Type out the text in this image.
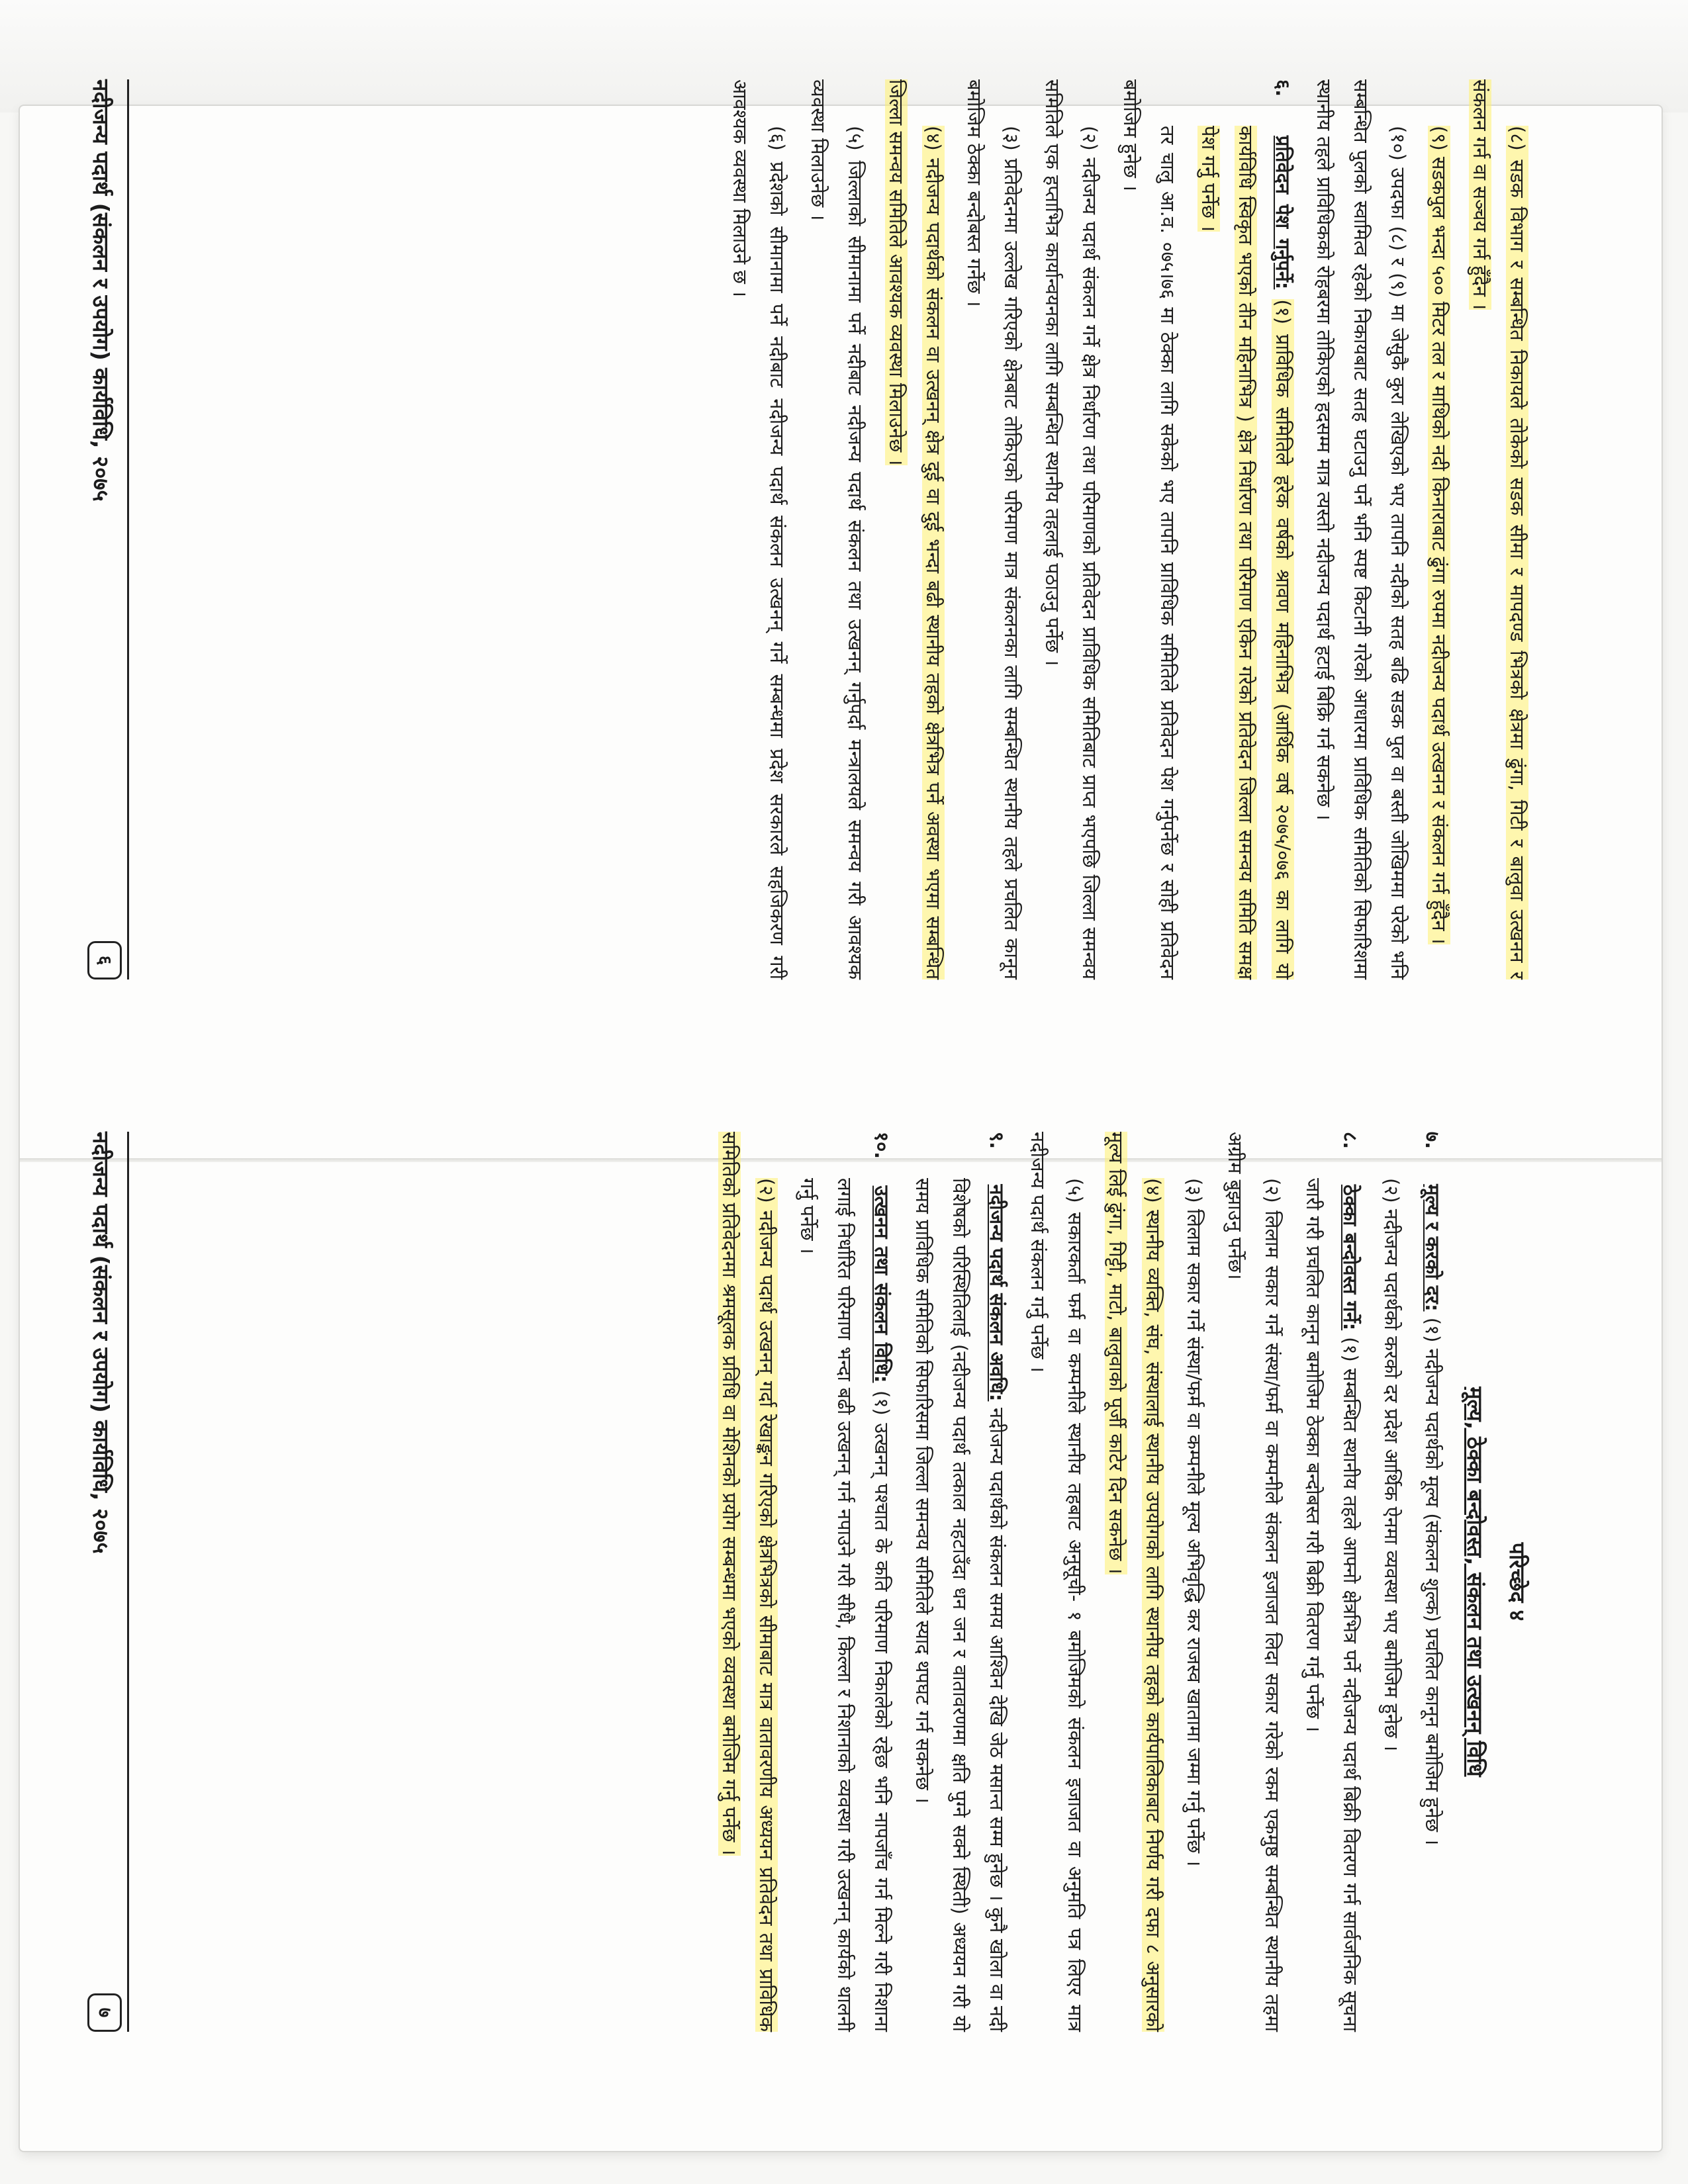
(८) सडक विभाग र सम्बन्धित निकायले तोकेको सडक सीमा र मापदण्ड भित्रको क्षेत्रमा ढुंगा, गिटी र बालुवा उत्खनन र संकलन गर्न वा सञ्चय गर्न हुँदैन ।

(९) सडकपुल भन्दा ५०० मिटर तल र माथिको नदी किनाराबाट ढुंगा रुपमा नदीजन्य पदार्थ उत्खनन र संकलन गर्न हुँदैन ।

(१०) उपदफा (८) र (९) मा जेसुकै कुरा लेखिएको भए तापनि नदीको सतह बढि सडक पुल वा बस्ती जोखिममा परेको भनि सम्बन्धित पुलको स्वामित्व रहेको निकायबाट सतह घटाउनु पर्ने भनि स्पष्ट किटानी गरेको आधारमा प्राविधिक समितिको सिफारिशमा स्थानीय तहले प्राविधिकको रोहबरमा तोकिएको हदसम्म मात्र त्यस्तो नदीजन्य पदार्थ हटाई बिक्रि गर्न सकनेछ ।

६. प्रतिवेदन पेश गर्नुपर्ने: (१) प्राविधिक समितिले हरेक वर्षको श्रावण महिनाभित्र (आर्थिक वर्ष २०७५/०७६ का लागि यो कार्यविधि स्विकृत भएको तीन महिनाभित्र ) क्षेत्र निर्धारण तथा परिमाण एकिन गरेको प्रतिवेदन जिल्ला समन्वय समिति समक्ष पेश गर्नु पर्नेछ ।

तर चालु आ.व. ०७५।७६ मा ठेक्का लागि सकेको भए तापनि प्राविधिक समितिले प्रतिवेदन पेश गर्नुपर्नेछ र सोही प्रतिवेदन बमोजिम हुनेछ ।

(२) नदीजन्य पदार्थ संकलन गर्ने क्षेत्र निर्धारण तथा परिमाणको प्रतिवेदन प्राविधिक समितिबाट प्राप्त भएपछि जिल्ला समन्वय समितिले एक हप्ताभित्र कार्यान्वयनका लागि सम्बन्धित स्थानीय तहलाई पठाउनु पर्नेछ ।

(३) प्रतिवेदनमा उल्लेख गरिएको क्षेत्रबाट तोकिएको परिमाण मात्र संकलनका लागि सम्बन्धित स्थानीय तहले प्रचलित कानून बमोजिम ठेक्का बन्दोबस्त गर्नेछ ।

(४) नदीजन्य पदार्थको संकलन वा उत्खनन् क्षेत्र दुई वा दुई भन्दा बढी स्थानीय तहको क्षेत्रभित्र पर्ने अवस्था भएमा सम्बन्धित जिल्ला समन्वय समितिले आवश्यक व्यवस्था मिलाउनेछ ।

(५) जिल्लाको सीमानामा पर्ने नदीबाट नदीजन्य पदार्थ संकलन तथा उत्खनन् गर्नुपर्दा मन्त्रालयले समन्वय गरी आवश्यक व्यवस्था मिलाउनेछ ।

(६) प्रदेशको सीमानामा पर्ने नदीबाट नदीजन्य पदार्थ संकलन उत्खनन् गर्ने सम्बन्धमा प्रदेश सरकारले सहजिकरण गरी आवश्यक व्यवस्था मिलाउने छ ।

नदीजन्य पदार्थ (संकलन र उपयोग) कार्यविधि, २०७५
६
परिच्छेद ४
मूल्य, ठेक्का बन्दोवस्त, संकलन तथा उत्खनन् विधि

७. मूल्य र करको दर: (१) नदीजन्य पदार्थको मूल्य (संकलन शुल्क) प्रचलित कानून बमोजिम हुनेछ ।

(२) नदीजन्य पदार्थको करको दर प्रदेश आर्थिक ऐनमा व्यवस्था भए बमोजिम हुनेछ ।

८. ठेक्का बन्दोवस्त गर्ने: (१) सम्बन्धित स्थानीय तहले आफ्नो क्षेत्रभित्र पर्ने नदीजन्य पदार्थ बिक्री वितरण गर्न सार्वजनिक सूचना जारी गरी प्रचलित कानून बमोजिम ठेक्का बन्दोबस्त गरी बिक्री वितरण गर्नु पर्नेछ ।

(२) लिलाम सकार गर्ने संस्था/फर्म वा कम्पनीले संकलन इजाजत लिदा सकार गरेको रकम एकमुष्ठ सम्बन्धित स्थानीय तहमा अग्रीम बुझाउनु पर्नेछ।

(३) लिलाम सकार गर्ने संस्था/फर्म वा कम्पनीले मूल्य अभिवृद्धि कर राजस्व खातामा जम्मा गर्नु पर्नेछ ।

(४) स्थानीय व्यक्ति, संघ, संस्थालाई स्थानीय उपयोगको लागि स्थानीय तहको कार्यपालिकाबाट निर्णय गरी दफा ८ अनुसारको मूल्य लिई ढुंगा, गिट्टी, माटो, बालुवाको पूर्जी काटेर दिन सकनेछ ।

(५) सकारकर्ता फर्म वा कम्पनीले स्थानीय तहबाट अनुसूची- १ बमोजिमको संकलन इजाजत वा अनुमति पत्र लिएर मात्र नदीजन्य पदार्थ संकलन गर्नु पर्नेछ ।

९. नदीजन्य पदार्थ संकलन अवधि: नदीजन्य पदार्थको संकलन समय आश्विन देखि जेठ मसान्त सम्म हुनेछ । कुनै खोला वा नदी विशेषको परिस्थितिलाई (नदीजन्य पदार्थ तत्काल नहटाउँदा धन जन र वातावरणमा क्षति पुग्ने सक्ने स्थिती) अध्ययन गरी यो समय प्राविधिक समितिको सिफारिसमा जिल्ला समन्वय समितिले स्याद थपघट गर्न सकनेछ ।

१०. उत्खनन तथा संकलन विधि: (१) उत्खनन् पश्चात के कति परिमाण निकालेको रहेछ भनि नापजाँच गर्न मिल्ने गरी निशाना लगाई निर्धारित परिमाण भन्दा बढी उत्खनन् गर्न नपाउने गरी सीधै, किल्ला र निशानाको व्यवस्था गरी उत्खनन् कार्यको थालनी गर्नु पर्नेछ ।

(२) नदीजन्य पदार्थ उत्खनन् गर्दा रेखाङ्कन गरिएको क्षेत्रभित्रको सीमाबाट मात्र वातावरणीय अध्ययन प्रतिवेदन तथा प्राविधिक समितिको प्रतिवेदनमा श्रमसूलक प्रविधि वा मेशिनको प्रयोग सम्बन्धमा भएको व्यवस्था बमोजिम गर्नु पर्नेछ ।

नदीजन्य पदार्थ (संकलन र उपयोग) कार्यविधि, २०७५
७
